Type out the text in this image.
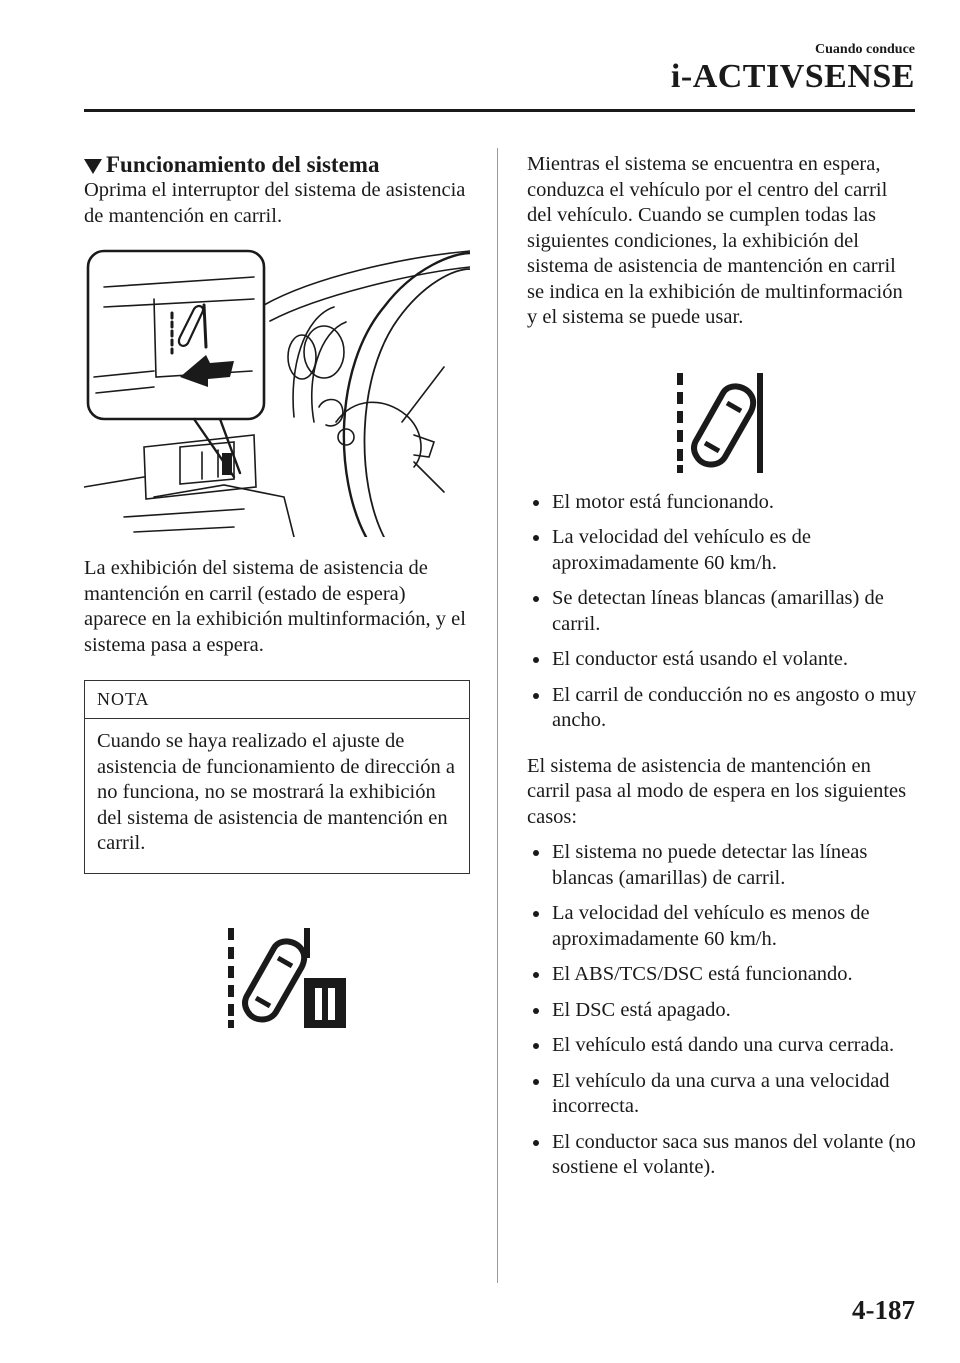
Cuando conduce
i-ACTIVSENSE
Funcionamiento del sistema

Oprima el interruptor del sistema de asistencia de mantención en carril.

La exhibición del sistema de asistencia de mantención en carril (estado de espera) aparece en la exhibición multinformación, y el sistema pasa a espera.

NOTA
Cuando se haya realizado el ajuste de asistencia de funcionamiento de dirección a no funciona, no se mostrará la exhibición del sistema de asistencia de mantención en carril.

Mientras el sistema se encuentra en espera, conduzca el vehículo por el centro del carril del vehículo. Cuando se cumplen todas las siguientes condiciones, la exhibición del sistema de asistencia de mantención en carril se indica en la exhibición de multinformación y el sistema se puede usar.

El motor está funcionando.
La velocidad del vehículo es de aproximadamente 60 km/h.
Se detectan líneas blancas (amarillas) de carril.
El conductor está usando el volante.
El carril de conducción no es angosto o muy ancho.

El sistema de asistencia de mantención en carril pasa al modo de espera en los siguientes casos:

El sistema no puede detectar las líneas blancas (amarillas) de carril.
La velocidad del vehículo es menos de aproximadamente 60 km/h.
El ABS/TCS/DSC está funcionando.
El DSC está apagado.
El vehículo está dando una curva cerrada.
El vehículo da una curva a una velocidad incorrecta.
El conductor saca sus manos del volante (no sostiene el volante).
4-187
